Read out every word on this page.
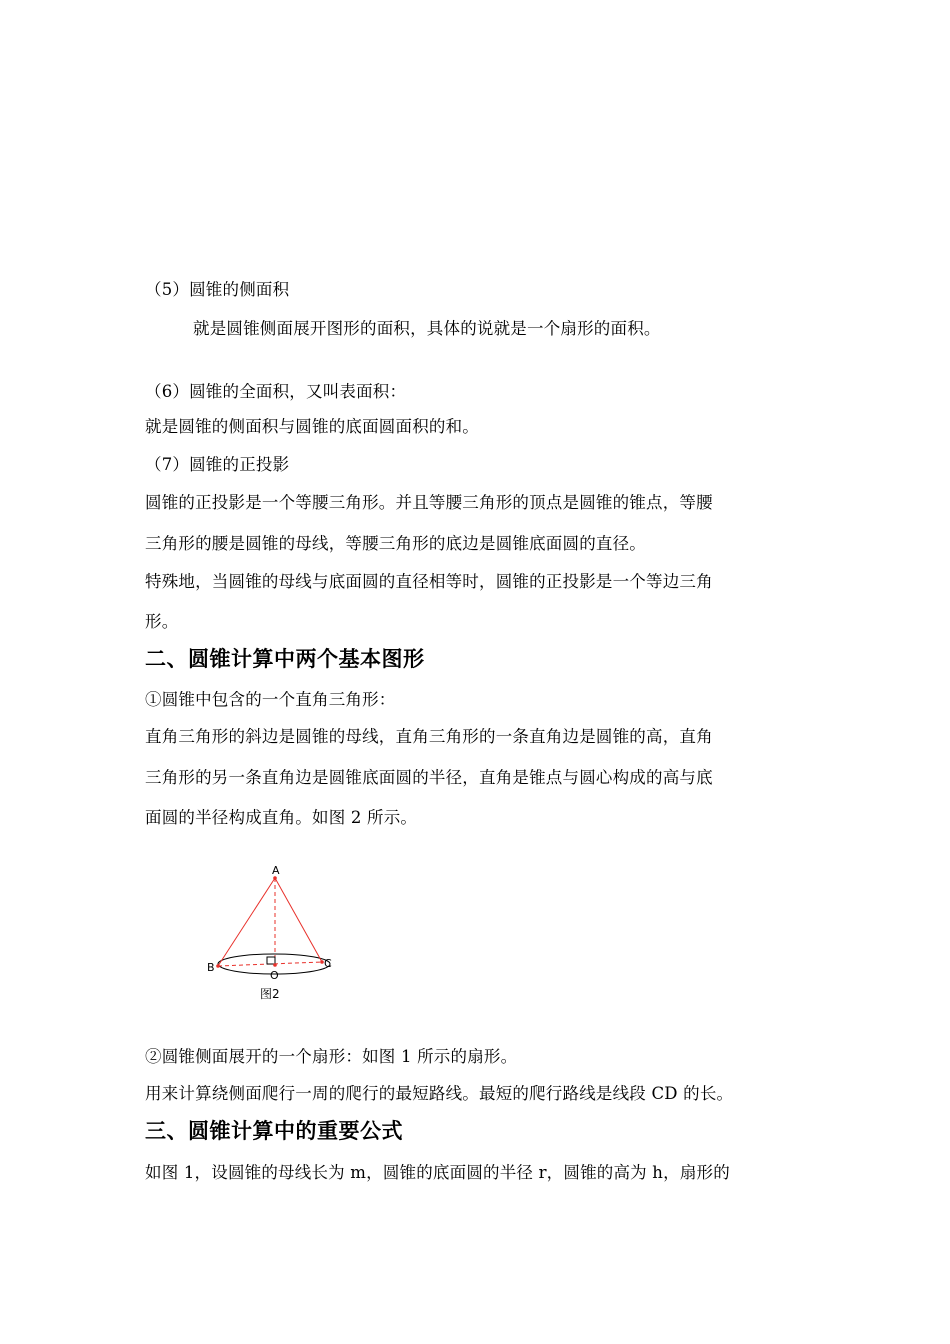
（5）圆锥的侧面积
就是圆锥侧面展开图形的面积，具体的说就是一个扇形的面积。
（6）圆锥的全面积，又叫表面积：
就是圆锥的侧面积与圆锥的底面圆面积的和。
（7）圆锥的正投影
圆锥的正投影是一个等腰三角形。并且等腰三角形的顶点是圆锥的锥点，等腰
三角形的腰是圆锥的母线，等腰三角形的底边是圆锥底面圆的直径。
特殊地，当圆锥的母线与底面圆的直径相等时，圆锥的正投影是一个等边三角
形。
二、圆锥计算中两个基本图形
①圆锥中包含的一个直角三角形：
直角三角形的斜边是圆锥的母线，直角三角形的一条直角边是圆锥的高，直角
三角形的另一条直角边是圆锥底面圆的半径，直角是锥点与圆心构成的高与底
面圆的半径构成直角。如图 2 所示。
A
B	C
O
图2
②圆锥侧面展开的一个扇形：如图 1 所示的扇形。
用来计算绕侧面爬行一周的爬行的最短路线。最短的爬行路线是线段 CD 的长。
三、圆锥计算中的重要公式
如图 1，设圆锥的母线长为 m，圆锥的底面圆的半径 r，圆锥的高为 h，扇形的
